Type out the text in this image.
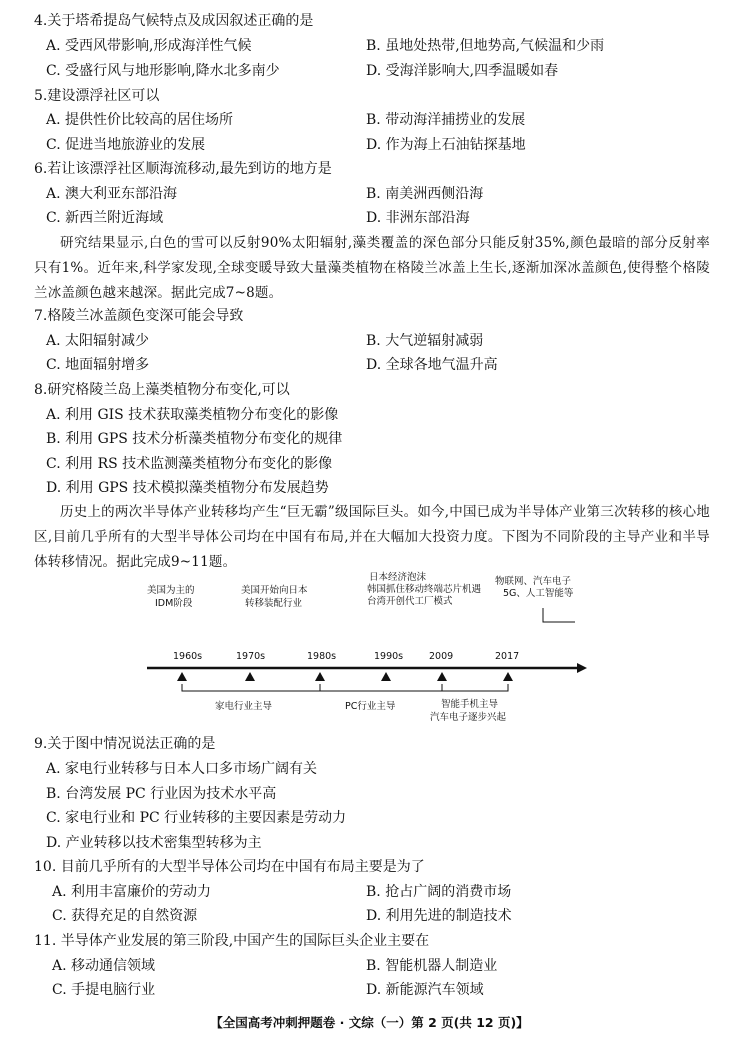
4.关于塔希提岛气候特点及成因叙述正确的是
A. 受西风带影响,形成海洋性气候	B. 虽地处热带,但地势高,气候温和少雨
C. 受盛行风与地形影响,降水北多南少	D. 受海洋影响大,四季温暖如春
5.建设漂浮社区可以
A. 提供性价比较高的居住场所	B. 带动海洋捕捞业的发展
C. 促进当地旅游业的发展	D. 作为海上石油钻探基地
6.若让该漂浮社区顺海流移动,最先到访的地方是
A. 澳大利亚东部沿海	B. 南美洲西侧沿海
C. 新西兰附近海域	D. 非洲东部沿海
研究结果显示,白色的雪可以反射90%太阳辐射,藻类覆盖的深色部分只能反射35%,颜色最暗的部分反射率只有1%。近年来,科学家发现,全球变暖导致大量藻类植物在格陵兰冰盖上生长,逐渐加深冰盖颜色,使得整个格陵兰冰盖颜色越来越深。据此完成7~8题。
7.格陵兰冰盖颜色变深可能会导致
A. 太阳辐射减少	B. 大气逆辐射减弱
C. 地面辐射增多	D. 全球各地气温升高
8.研究格陵兰岛上藻类植物分布变化,可以
A. 利用 GIS 技术获取藻类植物分布变化的影像
B. 利用 GPS 技术分析藻类植物分布变化的规律
C. 利用 RS 技术监测藻类植物分布变化的影像
D. 利用 GPS 技术模拟藻类植物分布发展趋势
历史上的两次半导体产业转移均产生“巨无霸”级国际巨头。如今,中国已成为半导体产业第三次转移的核心地区,目前几乎所有的大型半导体公司均在中国有布局,并在大幅加大投资力度。下图为不同阶段的主导产业和半导体转移情况。据此完成9~11题。
美国为主的
IDM阶段
美国开始向日本
转移装配行业
日本经济泡沫
韩国抓住移动终端芯片机遇
台湾开创代工厂模式
物联网、汽车电子
5G、人工智能等
1960s	1970s	1980s	1990s	2009	2017
家电行业主导	PC行业主导	智能手机主导
汽车电子逐步兴起
9.关于图中情况说法正确的是
A. 家电行业转移与日本人口多市场广阔有关
B. 台湾发展 PC 行业因为技术水平高
C. 家电行业和 PC 行业转移的主要因素是劳动力
D. 产业转移以技术密集型转移为主
10. 目前几乎所有的大型半导体公司均在中国有布局主要是为了
A. 利用丰富廉价的劳动力	B. 抢占广阔的消费市场
C. 获得充足的自然资源	D. 利用先进的制造技术
11. 半导体产业发展的第三阶段,中国产生的国际巨头企业主要在
A. 移动通信领域	B. 智能机器人制造业
C. 手提电脑行业	D. 新能源汽车领域
【全国高考冲刺押题卷 · 文综（一）第 2 页(共 12 页)】
